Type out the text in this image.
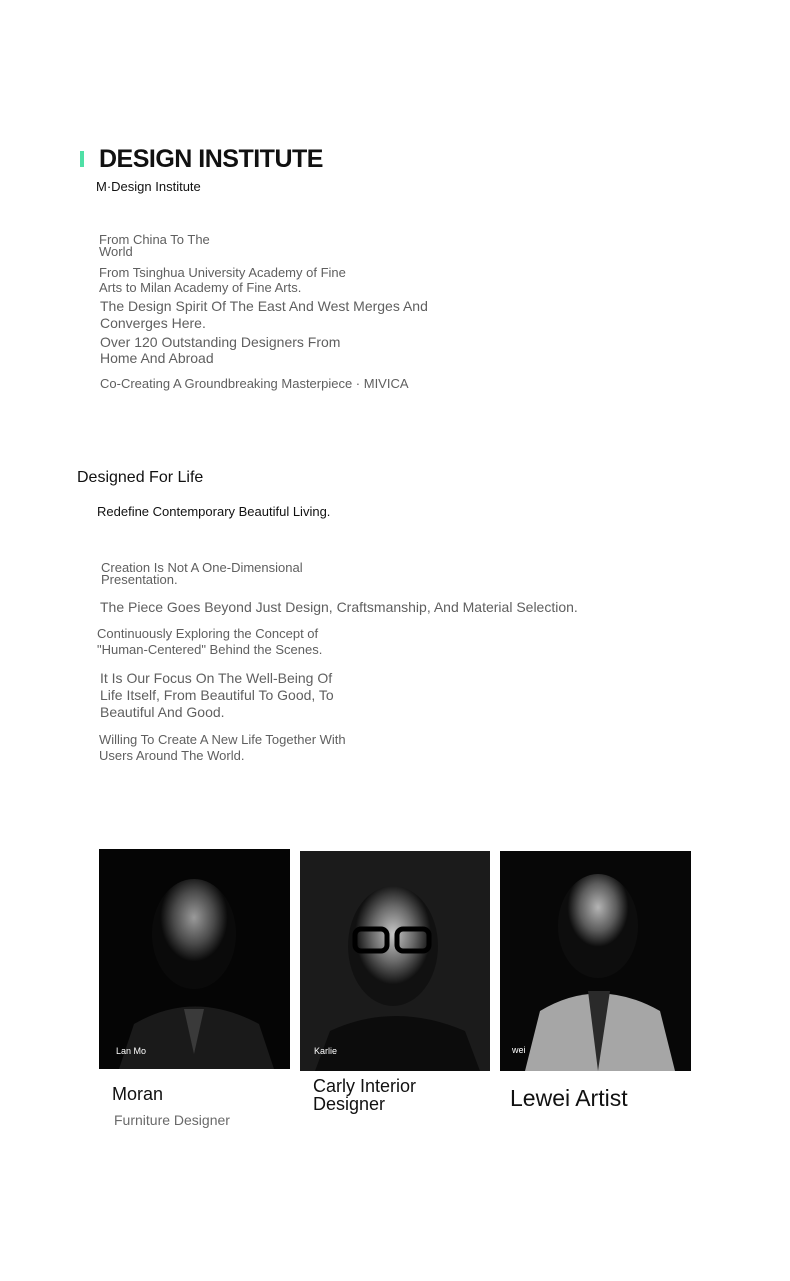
DESIGN INSTITUTE
M·Design Institute
From China To The World
From Tsinghua University Academy of Fine Arts to Milan Academy of Fine Arts.
The Design Spirit Of The East And West Merges And Converges Here.
Over 120 Outstanding Designers From Home And Abroad
Co-Creating A Groundbreaking Masterpiece · MIVICA
Designed For Life
Redefine Contemporary Beautiful Living.
Creation Is Not A One-Dimensional Presentation.
The Piece Goes Beyond Just Design, Craftsmanship, And Material Selection.
Continuously Exploring the Concept of "Human-Centered" Behind the Scenes.
It Is Our Focus On The Well-Being Of Life Itself, From Beautiful To Good, To Beautiful And Good.
Willing To Create A New Life Together With Users Around The World.
Lan Mo
Moran
Furniture Designer
Karlie
Carly Interior Designer
wei
Lewei Artist
